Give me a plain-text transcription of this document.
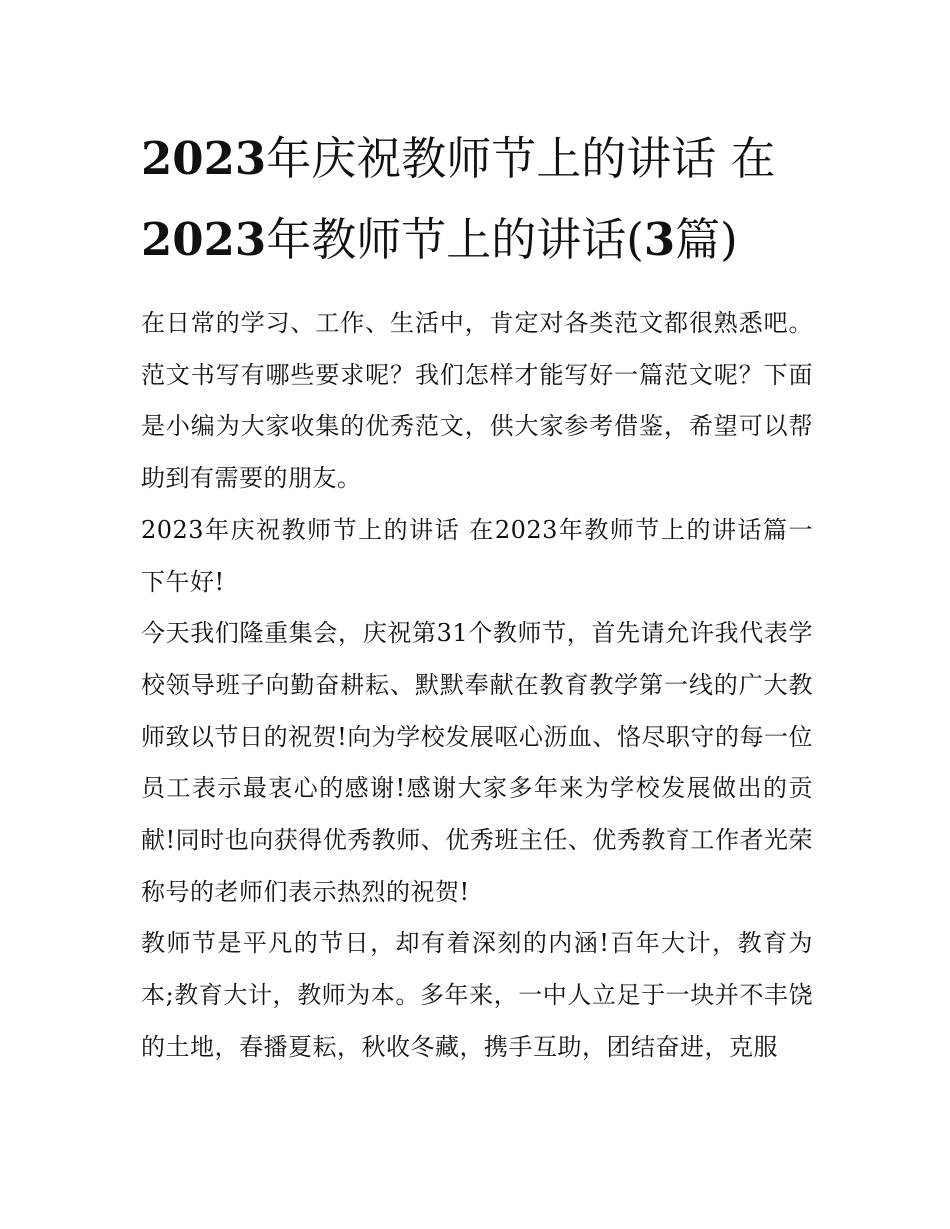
2023年庆祝教师节上的讲话 在2023年教师节上的讲话(3篇)

在日常的学习、工作、生活中，肯定对各类范文都很熟悉吧。范文书写有哪些要求呢？我们怎样才能写好一篇范文呢？下面是小编为大家收集的优秀范文，供大家参考借鉴，希望可以帮助到有需要的朋友。

2023年庆祝教师节上的讲话 在2023年教师节上的讲话篇一 下午好!

今天我们隆重集会，庆祝第31个教师节，首先请允许我代表学校领导班子向勤奋耕耘、默默奉献在教育教学第一线的广大教师致以节日的祝贺!向为学校发展呕心沥血、恪尽职守的每一位员工表示最衷心的感谢!感谢大家多年来为学校发展做出的贡献!同时也向获得优秀教师、优秀班主任、优秀教育工作者光荣称号的老师们表示热烈的祝贺!

教师节是平凡的节日，却有着深刻的内涵!百年大计，教育为本;教育大计，教师为本。多年来，一中人立足于一块并不丰饶的土地，春播夏耘，秋收冬藏，携手互助，团结奋进，克服
